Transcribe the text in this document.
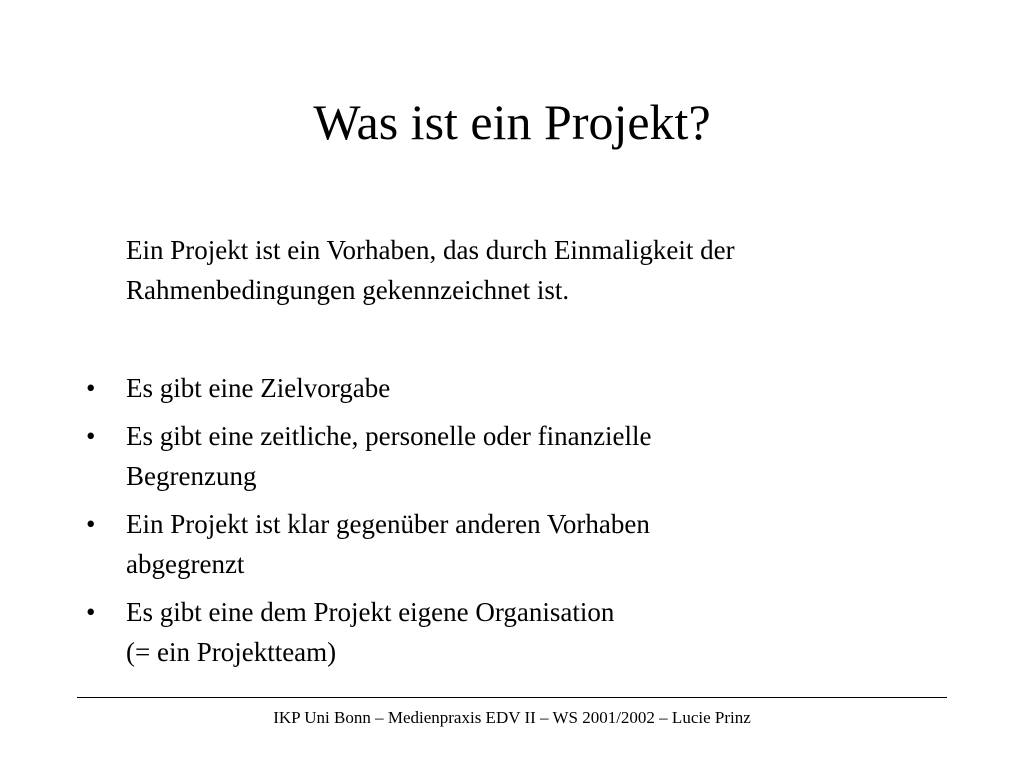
Was ist ein Projekt?
Ein Projekt ist ein Vorhaben, das durch Einmaligkeit der
Rahmenbedingungen gekennzeichnet ist.
• Es gibt eine Zielvorgabe
• Es gibt eine zeitliche, personelle oder finanzielle
Begrenzung
• Ein Projekt ist klar gegenüber anderen Vorhaben
abgegrenzt
• Es gibt eine dem Projekt eigene Organisation
(= ein Projektteam)
IKP Uni Bonn – Medienpraxis EDV II – WS 2001/2002 – Lucie Prinz
